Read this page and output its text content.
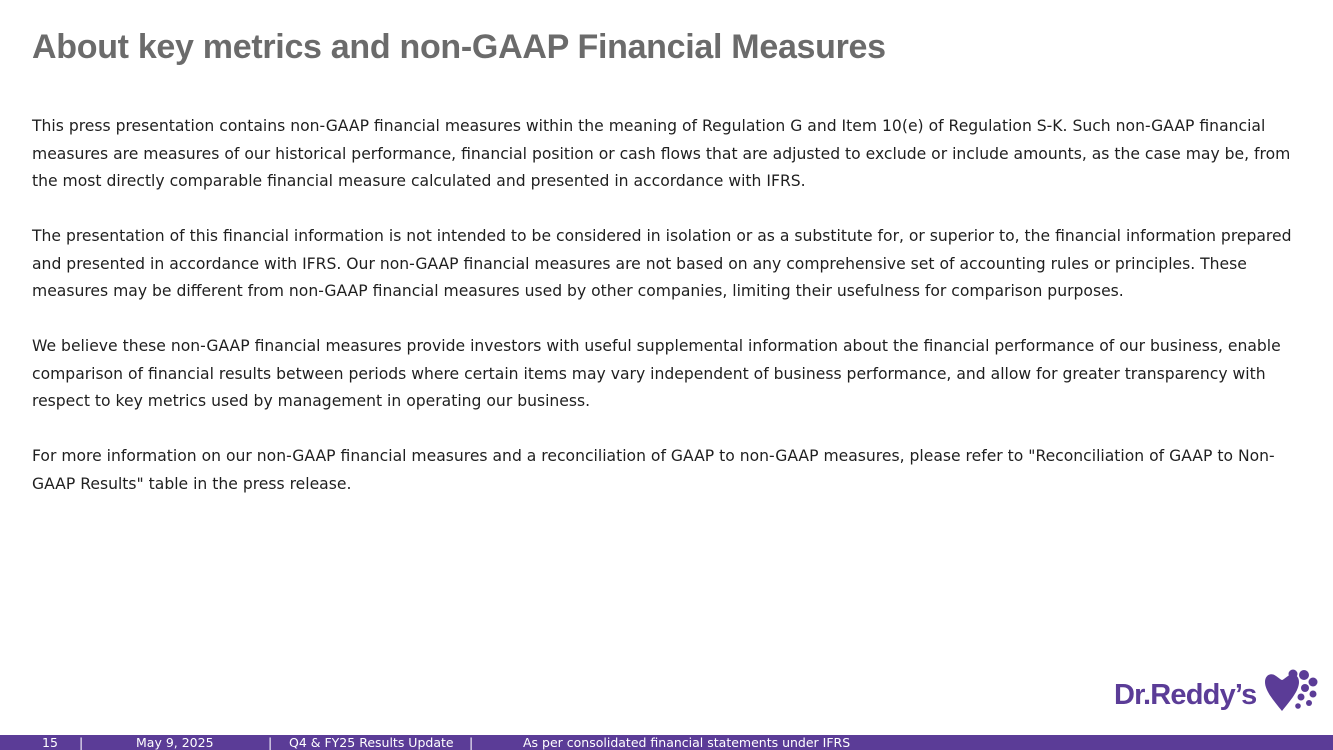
About key metrics and non-GAAP Financial Measures

This press presentation contains non-GAAP financial measures within the meaning of Regulation G and Item 10(e) of Regulation S-K. Such non-GAAP financial measures are measures of our historical performance, financial position or cash flows that are adjusted to exclude or include amounts, as the case may be, from the most directly comparable financial measure calculated and presented in accordance with IFRS.

The presentation of this financial information is not intended to be considered in isolation or as a substitute for, or superior to, the financial information prepared and presented in accordance with IFRS. Our non-GAAP financial measures are not based on any comprehensive set of accounting rules or principles. These measures may be different from non-GAAP financial measures used by other companies, limiting their usefulness for comparison purposes.

We believe these non-GAAP financial measures provide investors with useful supplemental information about the financial performance of our business, enable comparison of financial results between periods where certain items may vary independent of business performance, and allow for greater transparency with respect to key metrics used by management in operating our business.

For more information on our non-GAAP financial measures and a reconciliation of GAAP to non-GAAP measures, please refer to "Reconciliation of GAAP to Non-GAAP Results" table in the press release.

Dr.Reddy’s
15 |	May 9, 2025	| Q4 & FY25 Results Update |	As per consolidated financial statements under IFRS
